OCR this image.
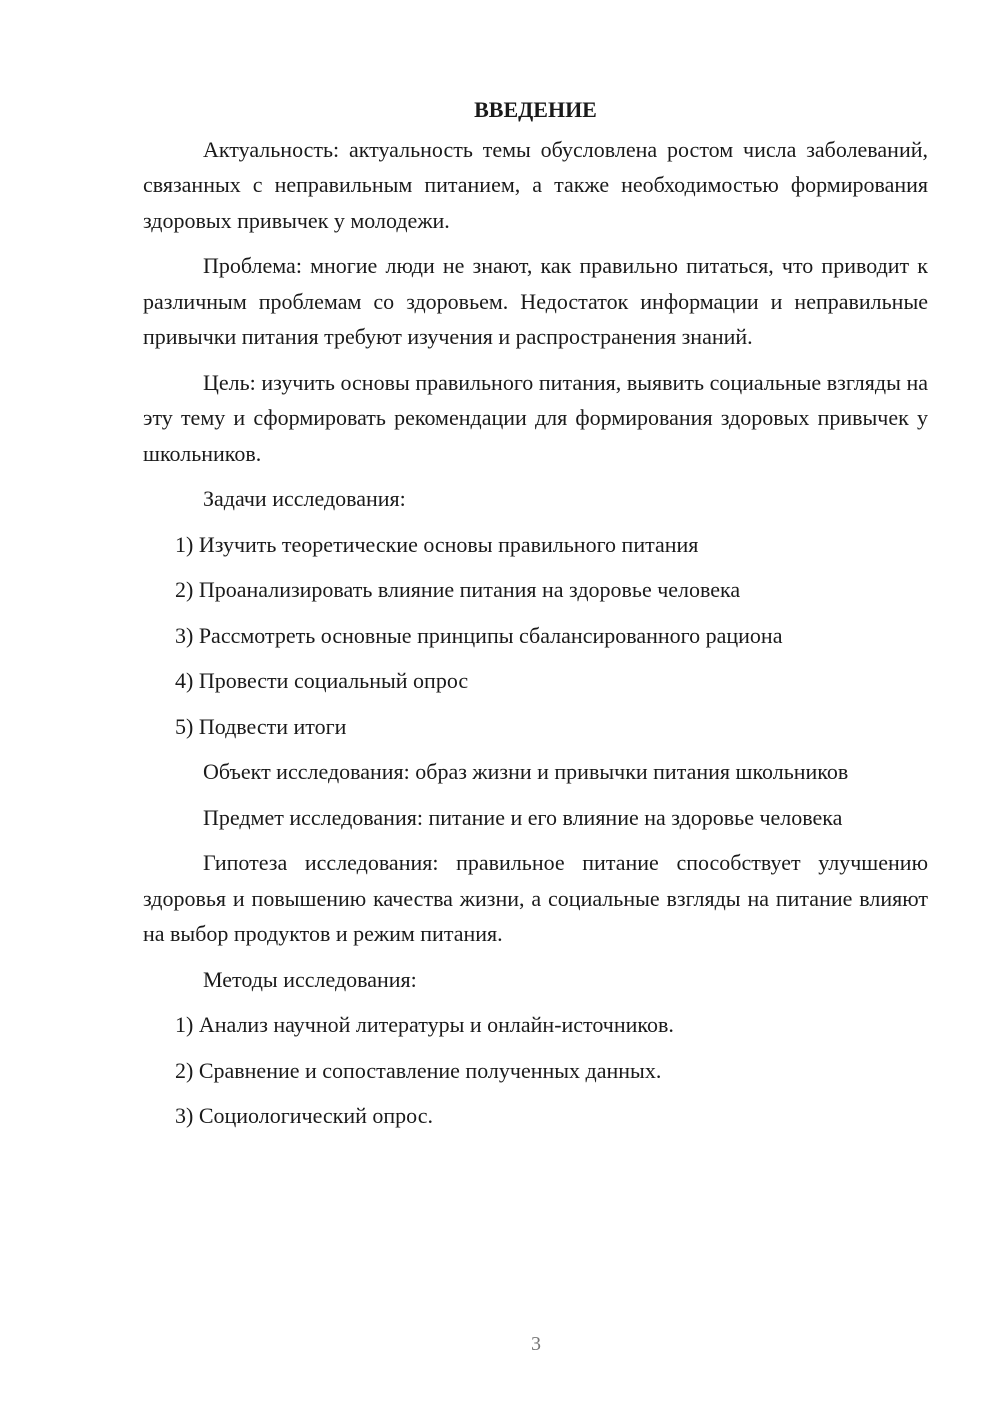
ВВЕДЕНИЕ

Актуальность: актуальность темы обусловлена ростом числа заболеваний, связанных с неправильным питанием, а также необходимостью формирования здоровых привычек у молодежи.

Проблема: многие люди не знают, как правильно питаться, что приводит к различным проблемам со здоровьем. Недостаток информации и неправильные привычки питания требуют изучения и распространения знаний.

Цель: изучить основы правильного питания, выявить социальные взгляды на эту тему и сформировать рекомендации для формирования здоровых привычек у школьников.

Задачи исследования:

1) Изучить теоретические основы правильного питания
2) Проанализировать влияние питания на здоровье человека
3) Рассмотреть основные принципы сбалансированного рациона
4) Провести социальный опрос
5) Подвести итоги

Объект исследования: образ жизни и привычки питания школьников

Предмет исследования: питание и его влияние на здоровье человека

Гипотеза исследования: правильное питание способствует улучшению здоровья и повышению качества жизни, а социальные взгляды на питание влияют на выбор продуктов и режим питания.

Методы исследования:

1) Анализ научной литературы и онлайн-источников.
2) Сравнение и сопоставление полученных данных.
3) Социологический опрос.
3
